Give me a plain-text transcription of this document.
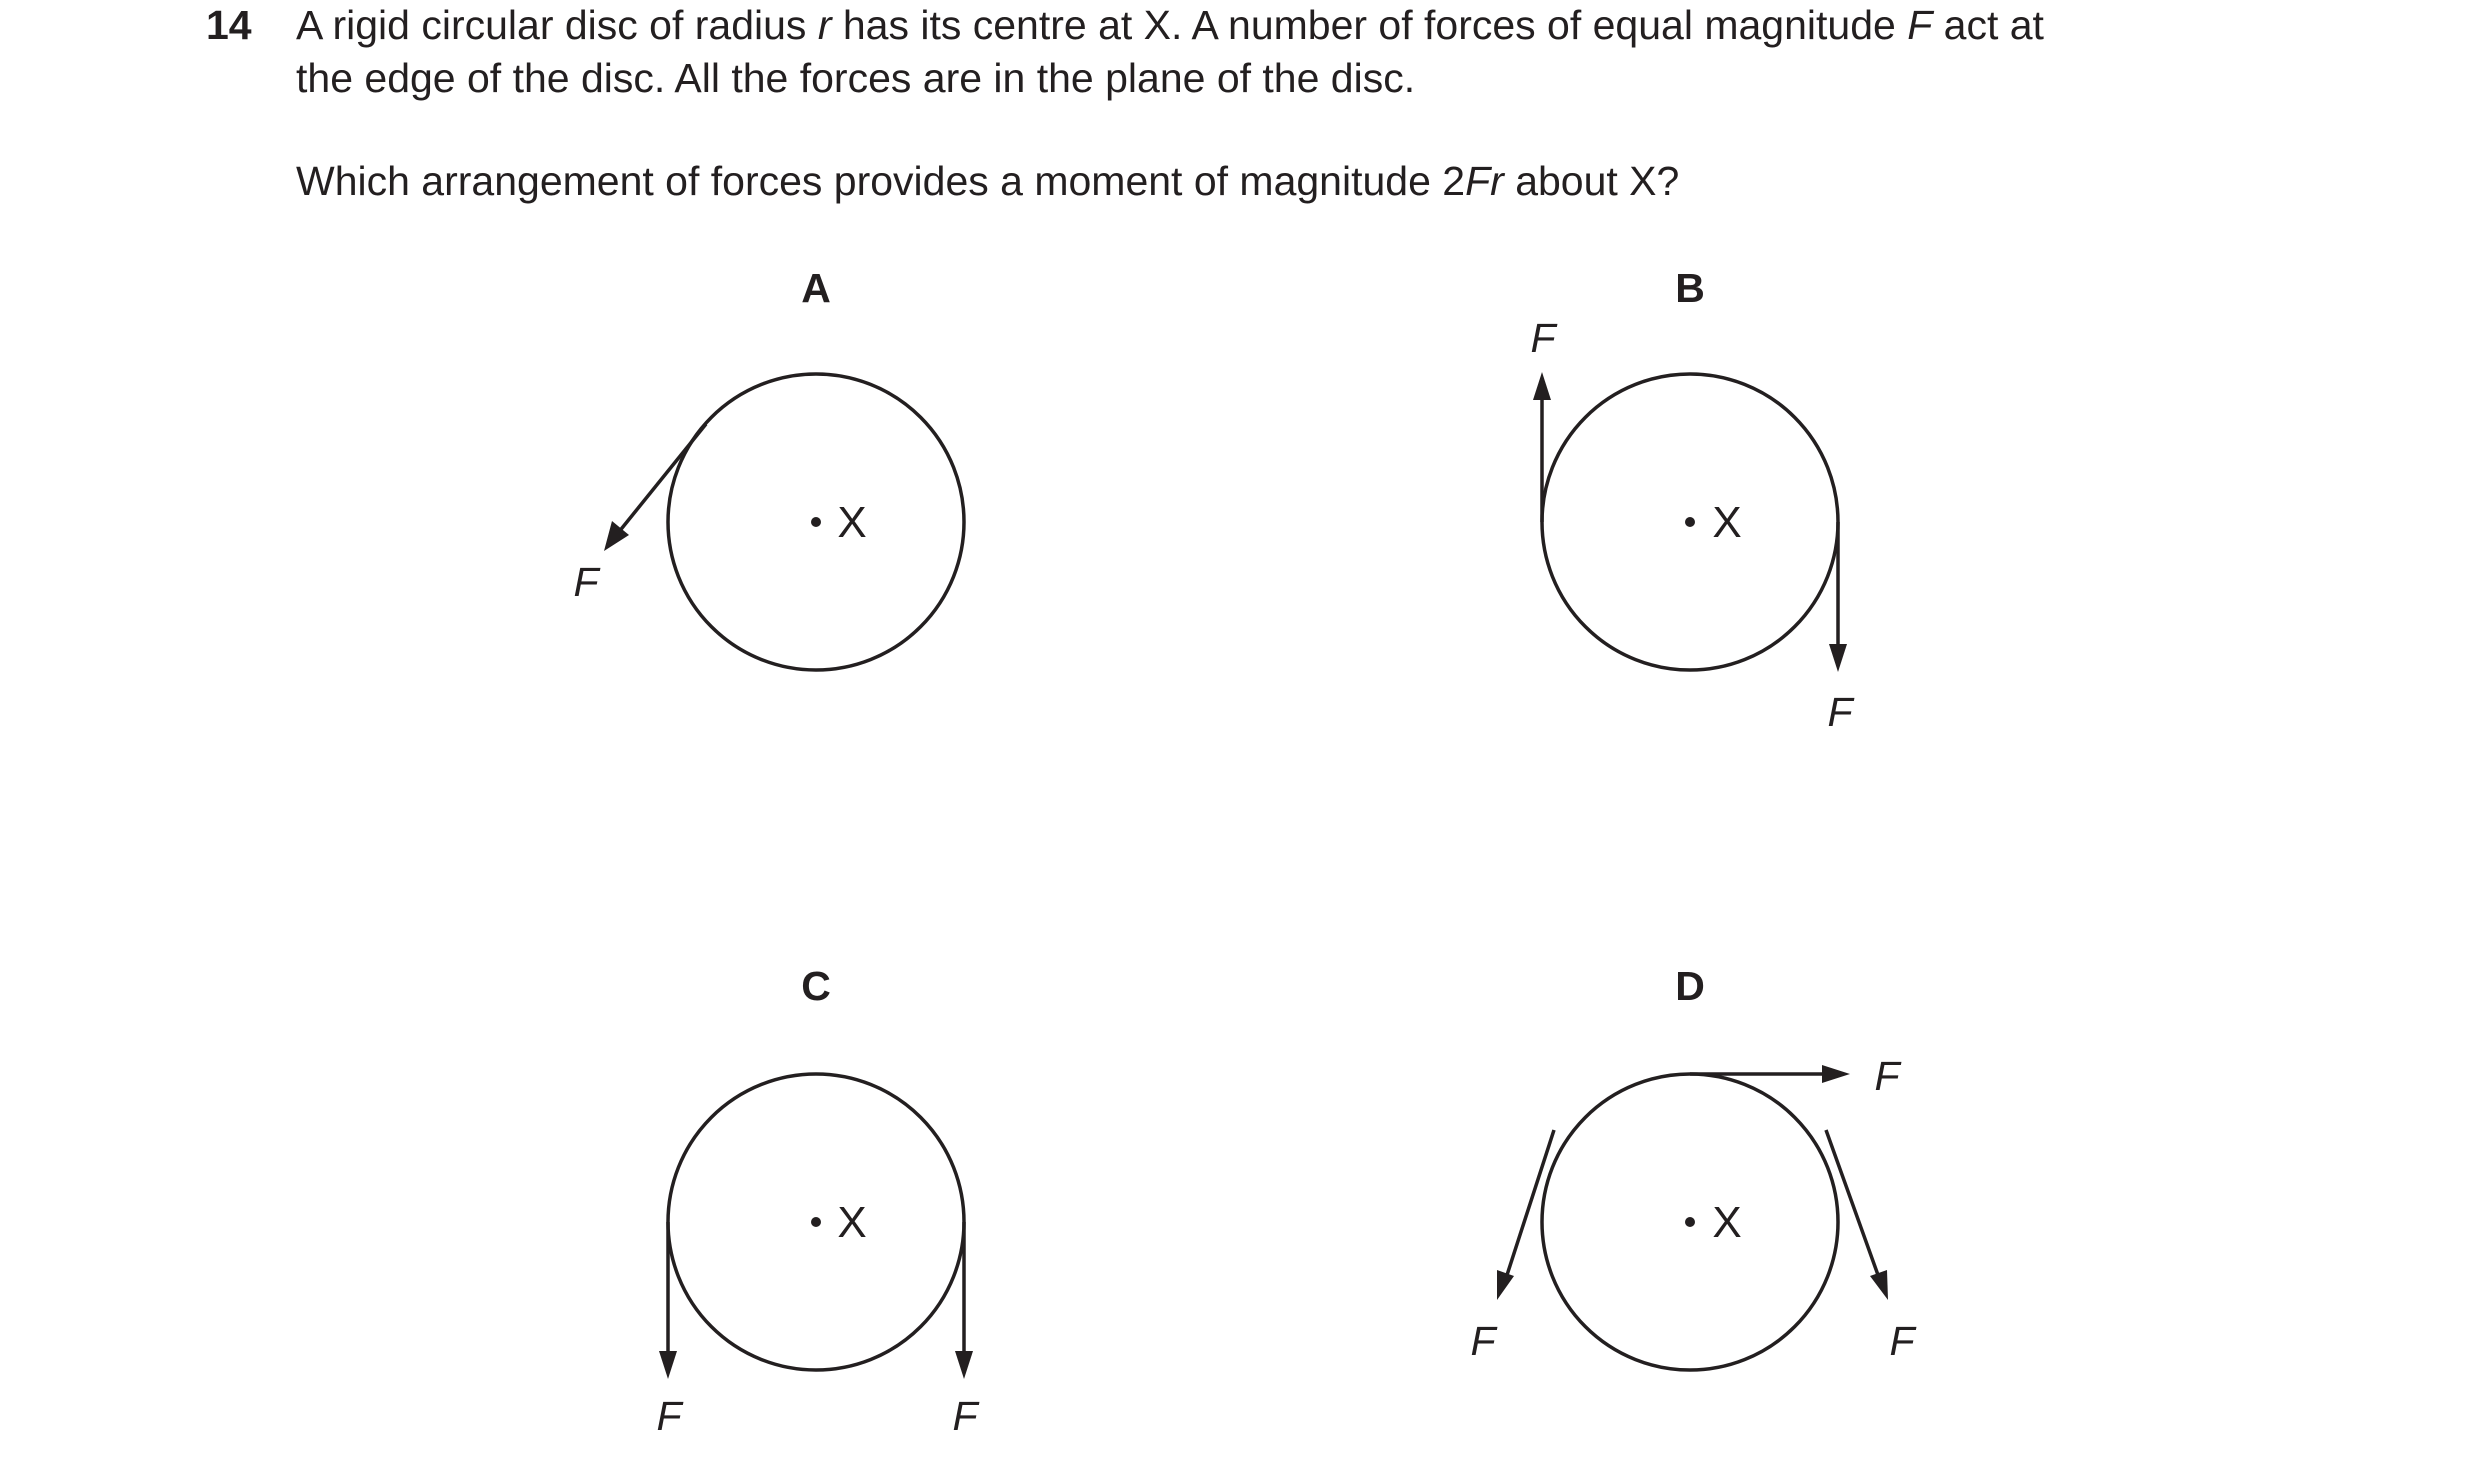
14 A rigid circular disc of radius r has its centre at X. A number of forces of equal magnitude F act at
the edge of the disc. All the forces are in the plane of the disc.
Which arrangement of forces provides a moment of magnitude 2Fr about X?
A
X
F
B
X
F
F
C
X
F	F
D
X
F
F	F
